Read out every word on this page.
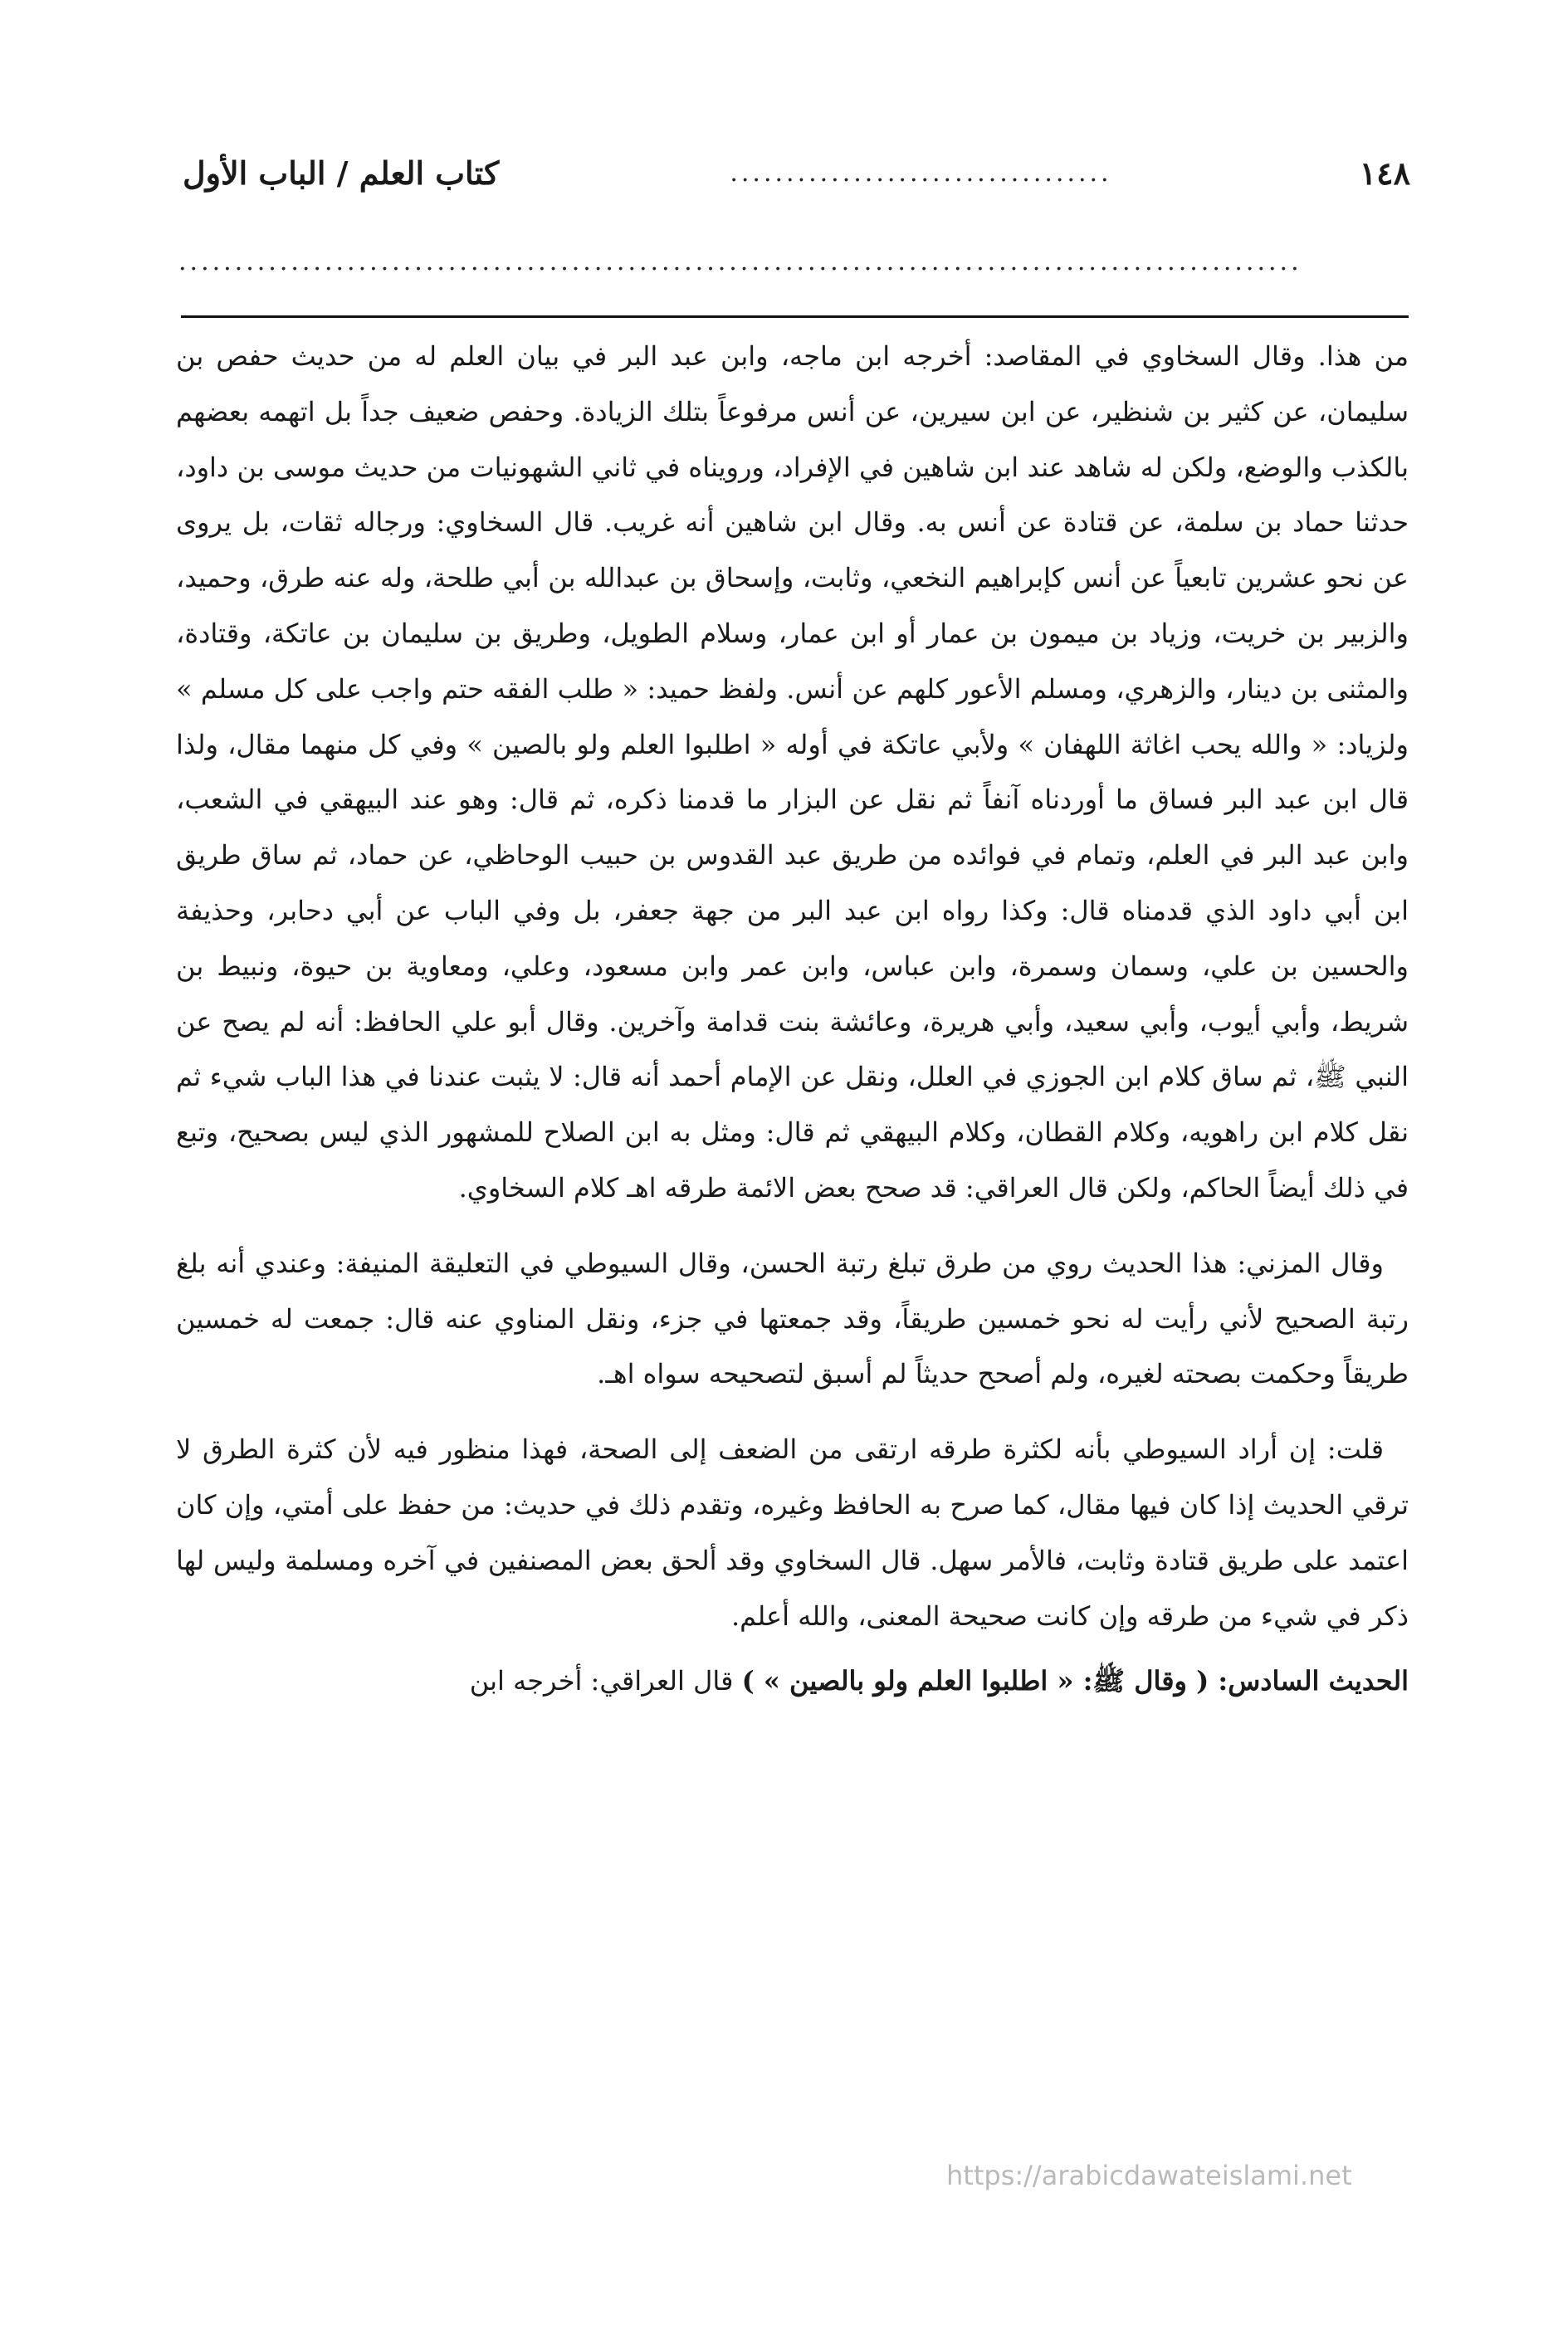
١٤٨
..................................
كتاب العلم / الباب الأول
....................................................................................................

من هذا. وقال السخاوي في المقاصد: أخرجه ابن ماجه، وابن عبد البر في بيان العلم له من حديث حفص بن سليمان، عن كثير بن شنظير، عن ابن سيرين، عن أنس مرفوعاً بتلك الزيادة. وحفص ضعيف جداً بل اتهمه بعضهم بالكذب والوضع، ولكن له شاهد عند ابن شاهين في الإفراد، ورويناه في ثاني الشهونيات من حديث موسى بن داود، حدثنا حماد بن سلمة، عن قتادة عن أنس به. وقال ابن شاهين أنه غريب. قال السخاوي: ورجاله ثقات، بل يروى عن نحو عشرين تابعياً عن أنس كإبراهيم النخعي، وثابت، وإسحاق بن عبدالله بن أبي طلحة، وله عنه طرق، وحميد، والزبير بن خريت، وزياد بن ميمون بن عمار أو ابن عمار، وسلام الطويل، وطريق بن سليمان بن عاتكة، وقتادة، والمثنى بن دينار، والزهري، ومسلم الأعور كلهم عن أنس. ولفظ حميد: « طلب الفقه حتم واجب على كل مسلم » ولزياد: « والله يحب اغاثة اللهفان » ولأبي عاتكة في أوله « اطلبوا العلم ولو بالصين » وفي كل منهما مقال، ولذا قال ابن عبد البر فساق ما أوردناه آنفاً ثم نقل عن البزار ما قدمنا ذكره، ثم قال: وهو عند البيهقي في الشعب، وابن عبد البر في العلم، وتمام في فوائده من طريق عبد القدوس بن حبيب الوحاظي، عن حماد، ثم ساق طريق ابن أبي داود الذي قدمناه قال: وكذا رواه ابن عبد البر من جهة جعفر، بل وفي الباب عن أبي دحابر، وحذيفة والحسين بن علي، وسمان وسمرة، وابن عباس، وابن عمر وابن مسعود، وعلي، ومعاوية بن حيوة، ونبيط بن شريط، وأبي أيوب، وأبي سعيد، وأبي هريرة، وعائشة بنت قدامة وآخرين. وقال أبو علي الحافظ: أنه لم يصح عن النبي ﷺ، ثم ساق كلام ابن الجوزي في العلل، ونقل عن الإمام أحمد أنه قال: لا يثبت عندنا في هذا الباب شيء ثم نقل كلام ابن راهويه، وكلام القطان، وكلام البيهقي ثم قال: ومثل به ابن الصلاح للمشهور الذي ليس بصحيح، وتبع في ذلك أيضاً الحاكم، ولكن قال العراقي: قد صحح بعض الائمة طرقه اهـ كلام السخاوي.

وقال المزني: هذا الحديث روي من طرق تبلغ رتبة الحسن، وقال السيوطي في التعليقة المنيفة: وعندي أنه بلغ رتبة الصحيح لأني رأيت له نحو خمسين طريقاً، وقد جمعتها في جزء، ونقل المناوي عنه قال: جمعت له خمسين طريقاً وحكمت بصحته لغيره، ولم أصحح حديثاً لم أسبق لتصحيحه سواه اهـ.

قلت: إن أراد السيوطي بأنه لكثرة طرقه ارتقى من الضعف إلى الصحة، فهذا منظور فيه لأن كثرة الطرق لا ترقي الحديث إذا كان فيها مقال، كما صرح به الحافظ وغيره، وتقدم ذلك في حديث: من حفظ على أمتي، وإن كان اعتمد على طريق قتادة وثابت، فالأمر سهل. قال السخاوي وقد ألحق بعض المصنفين في آخره ومسلمة وليس لها ذكر في شيء من طرقه وإن كانت صحيحة المعنى، والله أعلم.

الحديث السادس: ( وقال ﷺ: « اطلبوا العلم ولو بالصين » ) قال العراقي: أخرجه ابن

https://arabicdawateislami.net
